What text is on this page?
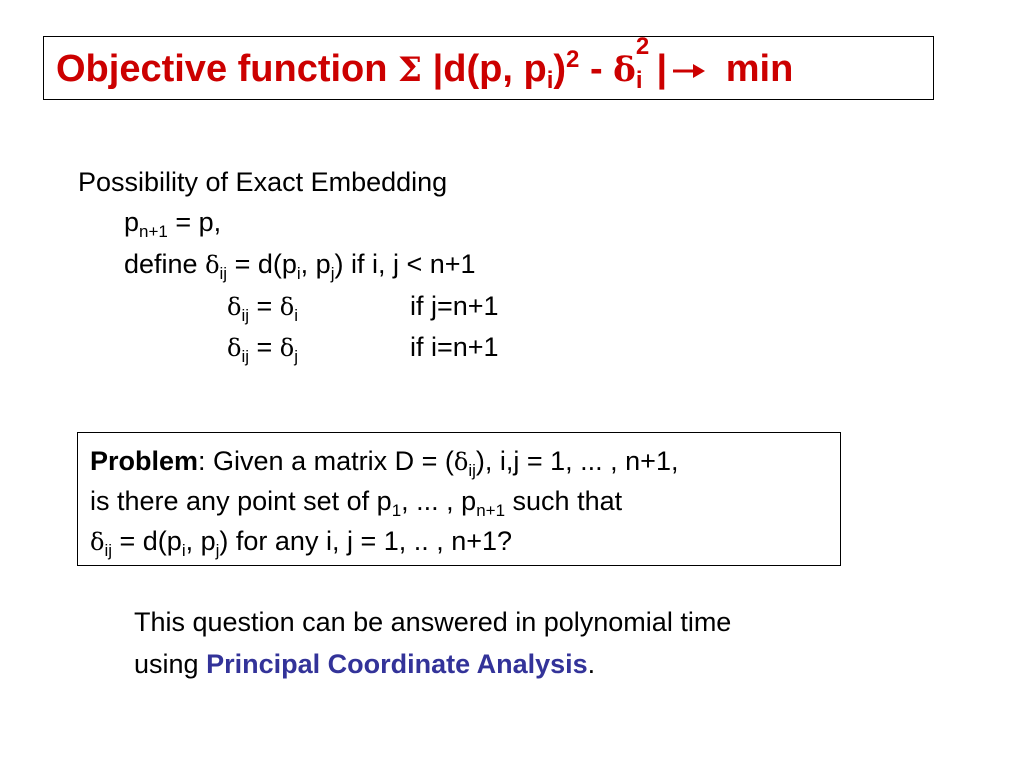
Objective function Σ |d(p, $p_i)^2 - \delta_i$
2
| min
Possibility of Exact Embedding
$p_{n+1} = p$,
define $\delta_{ij} = d(p_i$, $p_j$) if i, j < n+1
$\delta_{ij} = \delta_i$	if j=n+1
$\delta_{ij} = \delta_j$	if i=n+1
Problem: Given a matrix $D = (\delta_{ij})$, i,j = 1, ... , n+1,
is there any point set of $p_1$, ... , $p_{n+1}$ such that
$\delta_{ij} = d(p_i$, $p_j$) for any i, j = 1, .. , n+1?
This question can be answered in polynomial time
using Principal Coordinate Analysis.
